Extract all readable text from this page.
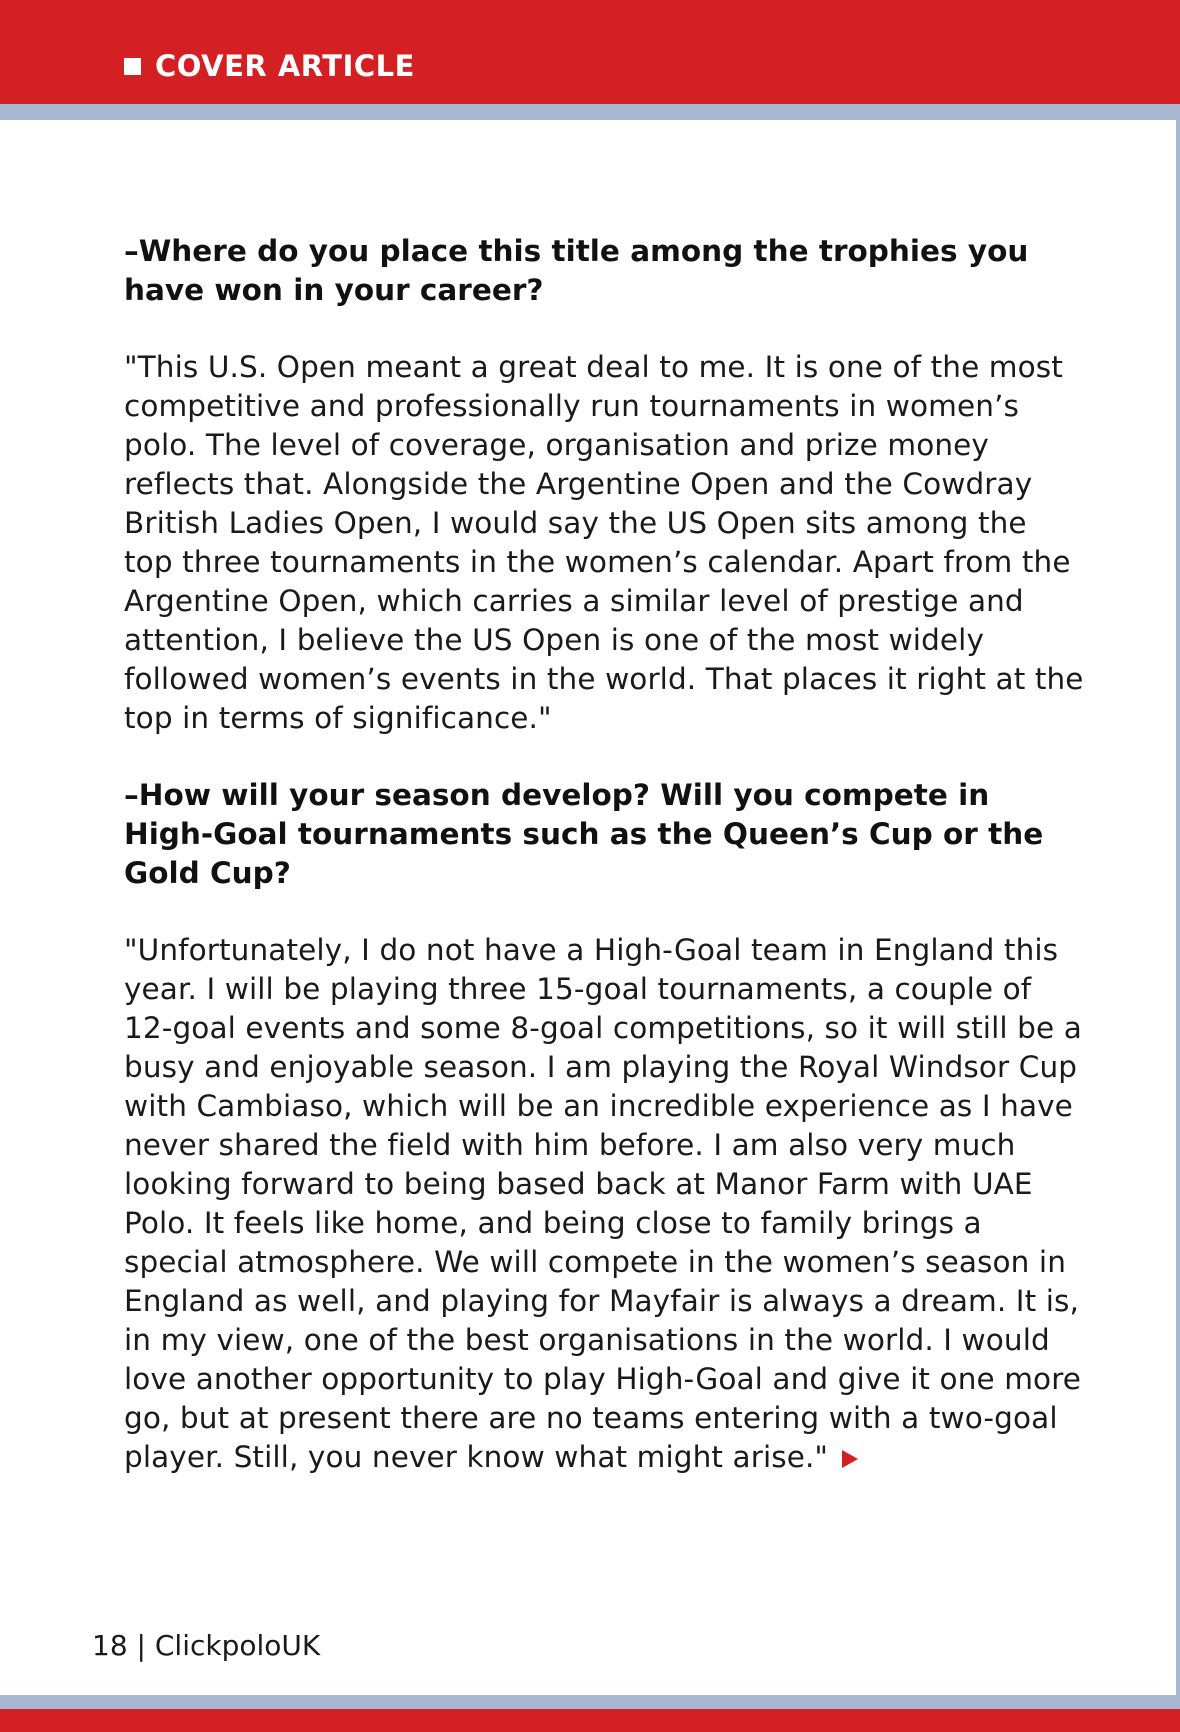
COVER ARTICLE

–Where do you place this title among the trophies you have won in your career?

"This U.S. Open meant a great deal to me. It is one of the most competitive and professionally run tournaments in women’s polo. The level of coverage, organisation and prize money reflects that. Alongside the Argentine Open and the Cowdray British Ladies Open, I would say the US Open sits among the top three tournaments in the women’s calendar. Apart from the Argentine Open, which carries a similar level of prestige and attention, I believe the US Open is one of the most widely followed women’s events in the world. That places it right at the top in terms of significance."

–How will your season develop? Will you compete in High-Goal tournaments such as the Queen’s Cup or the Gold Cup?

"Unfortunately, I do not have a High-Goal team in England this year. I will be playing three 15-goal tournaments, a couple of 12-goal events and some 8-goal competitions, so it will still be a busy and enjoyable season. I am playing the Royal Windsor Cup with Cambiaso, which will be an incredible experience as I have never shared the field with him before. I am also very much looking forward to being based back at Manor Farm with UAE Polo. It feels like home, and being close to family brings a special atmosphere. We will compete in the women’s season in England as well, and playing for Mayfair is always a dream. It is, in my view, one of the best organisations in the world. I would love another opportunity to play High-Goal and give it one more go, but at present there are no teams entering with a two-goal player. Still, you never know what might arise."

18 | ClickpoloUK
